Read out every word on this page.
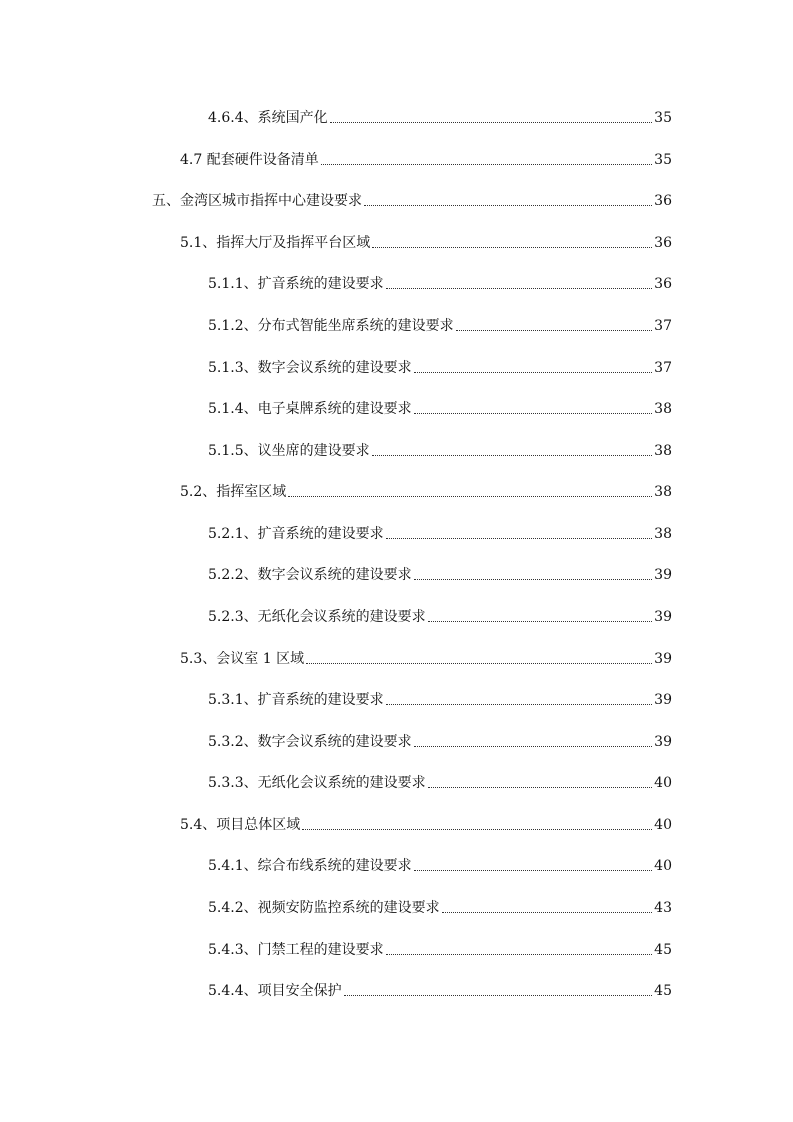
4.6.4、系统国产化	35
4.7 配套硬件设备清单	35
五、金湾区城市指挥中心建设要求	36
5.1、指挥大厅及指挥平台区域	36
5.1.1、扩音系统的建设要求	36
5.1.2、分布式智能坐席系统的建设要求	37
5.1.3、数字会议系统的建设要求	37
5.1.4、电子桌牌系统的建设要求	38
5.1.5、议坐席的建设要求	38
5.2、指挥室区域	38
5.2.1、扩音系统的建设要求	38
5.2.2、数字会议系统的建设要求	39
5.2.3、无纸化会议系统的建设要求	39
5.3、会议室 1 区域	39
5.3.1、扩音系统的建设要求	39
5.3.2、数字会议系统的建设要求	39
5.3.3、无纸化会议系统的建设要求	40
5.4、项目总体区域	40
5.4.1、综合布线系统的建设要求	40
5.4.2、视频安防监控系统的建设要求	43
5.4.3、门禁工程的建设要求	45
5.4.4、项目安全保护	45
